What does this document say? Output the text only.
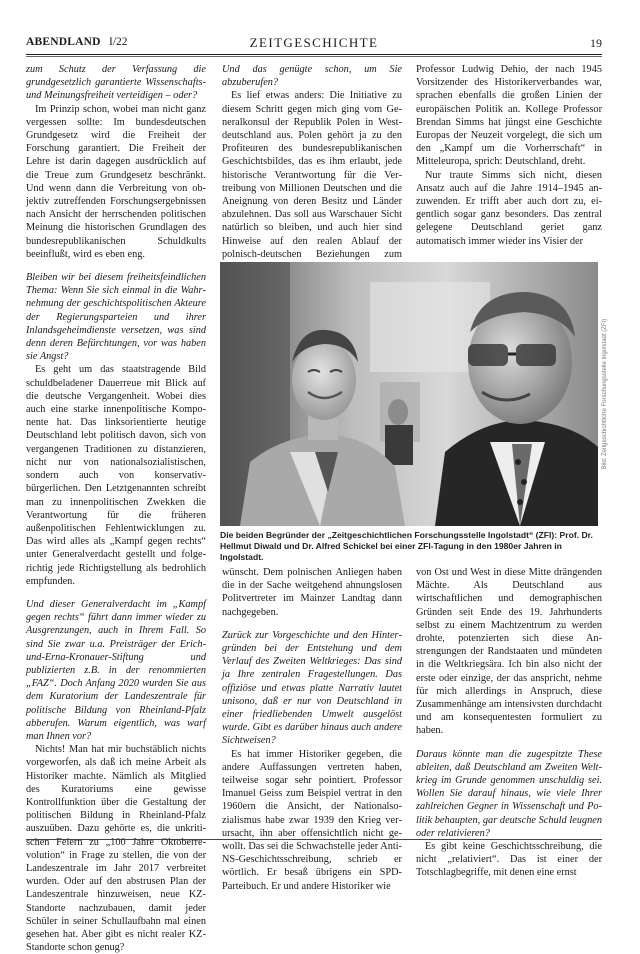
ABENDLAND I/22	ZEITGESCHICHTE	19

zum Schutz der Verfassung die grundgesetzlich garantierte Wissenschafts- und Meinungsfreiheit verteidigen – oder?

Im Prinzip schon, wobei man nicht ganz vergessen sollte: Im bundesdeutschen Grundgesetz wird die Freiheit der Forschung garantiert. Die Freiheit der Lehre ist darin dagegen ausdrücklich auf die Treue zum Grundgesetz beschränkt. Und wenn dann die Verbreitung von objektiv zutreffenden Forschungsergebnissen nach Ansicht der herrschenden politischen Meinung die historischen Grundlagen des bundesrepublikanischen Schuldkults beeinflußt, wird es eben eng.

Bleiben wir bei diesem freiheitsfeindlichen Thema: Wenn Sie sich einmal in die Wahrnehmung der geschichtspolitischen Akteure der Regierungsparteien und ihrer Inlandsgeheimdienste versetzen, was sind denn deren Befürchtungen, vor was haben sie Angst?

Es geht um das staatstragende Bild schuldbeladener Dauerreue mit Blick auf die deutsche Vergangenheit. Wobei dies auch eine starke innenpolitische Komponente hat. Das linksorientierte heutige Deutschland lebt politisch davon, sich von vergangenen Traditionen zu distanzieren, nicht nur von nationalsozialistischen, sondern auch von konservativ-bürgerlichen. Den Letztgenannten schreibt man zu innenpolitischen Zwekken die Verantwortung für die früheren außenpolitischen Fehlentwicklungen zu. Das wird alles als „Kampf gegen rechts“ unter Generalverdacht gestellt und folgerichtig jede Richtigstellung als bedrohlich empfunden.

Und dieser Generalverdacht im „Kampf gegen rechts“ führt dann immer wieder zu Ausgrenzungen, auch in Ihrem Fall. So sind Sie zwar u.a. Preisträger der Erich-und-Erna-Kronauer-Stiftung und publizierten z.B. in der renommierten „FAZ“. Doch Anfang 2020 wurden Sie aus dem Kuratorium der Landeszentrale für politische Bildung von Rheinland-Pfalz abberufen. Warum eigentlich, was warf man Ihnen vor?

Nichts! Man hat mir buchstäblich nichts vorgeworfen, als daß ich meine Arbeit als Historiker machte. Nämlich als Mitglied des Kuratoriums eine gewisse Kontrollfunktion über die Gestaltung der politischen Bildung in Rheinland-Pfalz auszuüben. Dazu gehörte es, die unkritischen Feiern zu „100 Jahre Oktoberrevolution“ in Frage zu stellen, die von der Landeszentrale im Jahr 2017 verbreitet wurden. Oder auf den abstrusen Plan der Landeszentrale hinzuweisen, neue KZ-Standorte nachzubauen, damit jeder Schüler in seiner Schullaufbahn mal einen gesehen hat. Aber gibt es nicht realer KZ-Standorte schon genug?

Und das genügte schon, um Sie abzuberufen?

Es lief etwas anders: Die Initiative zu diesem Schritt gegen mich ging vom Generalkonsul der Republik Polen in Westdeutschland aus. Polen gehört ja zu den Profiteuren des bundesrepublikanischen Geschichtsbildes, das es ihm erlaubt, jede historische Verantwortung für die Vertreibung von Millionen Deutschen und die Aneignung von deren Besitz und Länder abzulehnen. Das soll aus Warschauer Sicht natürlich so bleiben, und auch hier sind Hinweise auf den realen Ablauf der polnisch-deutschen Beziehungen zum

Professor Ludwig Dehio, der nach 1945 Vorsitzender des Historikerverbandes war, sprachen ebenfalls die großen Linien der europäischen Politik an. Kollege Professor Brendan Simms hat jüngst eine Geschichte Europas der Neuzeit vorgelegt, die sich um den „Kampf um die Vorherrschaft“ in Mitteleuropa, sprich: Deutschland, dreht.

Nur traute Simms sich nicht, diesen Ansatz auch auf die Jahre 1914–1945 anzuwenden. Er trifft aber auch dort zu, eigentlich sogar ganz besonders. Das zentral gelegene Deutschland geriet ganz automatisch immer wieder ins Visier der

Bild: Zeitgeschichtliche Forschungsstelle Ingolstadt (ZFI)
Die beiden Begründer der „Zeitgeschichtlichen Forschungsstelle Ingolstadt“ (ZFI): Prof. Dr. Hellmut Diwald und Dr. Alfred Schickel bei einer ZFI-Tagung in den 1980er Jahren in Ingolstadt.

wünscht. Dem polnischen Anliegen haben die in der Sache weitgehend ahnungslosen Politvertreter im Mainzer Landtag dann nachgegeben.

Zurück zur Vorgeschichte und den Hintergründen bei der Entstehung und dem Verlauf des Zweiten Weltkrieges: Das sind ja Ihre zentralen Fragestellungen. Das offiziöse und etwas platte Narrativ lautet unisono, daß er nur von Deutschland in einer friedliebenden Umwelt ausgelöst wurde. Gibt es darüber hinaus auch andere Sichtweisen?

Es hat immer Historiker gegeben, die andere Auffassungen vertreten haben, teilweise sogar sehr pointiert. Professor Imanuel Geiss zum Beispiel vertrat in den 1960ern die Ansicht, der Nationalsozialismus habe zwar 1939 den Krieg verursacht, ihn aber offensichtlich nicht gewollt. Das sei die Schwachstelle jeder Anti-NS-Geschichtsschreibung, schrieb er wörtlich. Er besaß übrigens ein SPD-Parteibuch. Er und andere Historiker wie

von Ost und West in diese Mitte drängenden Mächte. Als Deutschland aus wirtschaftlichen und demographischen Gründen seit Ende des 19. Jahrhunderts selbst zu einem Machtzentrum zu werden drohte, potenzierten sich diese Anstrengungen der Randstaaten und mündeten in die Weltkriegsära. Ich bin also nicht der erste oder einzige, der das anspricht, nehme für mich allerdings in Anspruch, diese Zusammenhänge am intensivsten durchdacht und am konsequentesten formuliert zu haben.

Daraus könnte man die zugespitzte These ableiten, daß Deutschland am Zweiten Weltkrieg im Grunde genommen unschuldig sei. Wollen Sie darauf hinaus, wie viele Ihrer zahlreichen Gegner in Wissenschaft und Politik behaupten, gar deutsche Schuld leugnen oder relativieren?

Es gibt keine Geschichtsschreibung, die nicht „relativiert“. Das ist einer der Totschlagbegriffe, mit denen eine ernst
